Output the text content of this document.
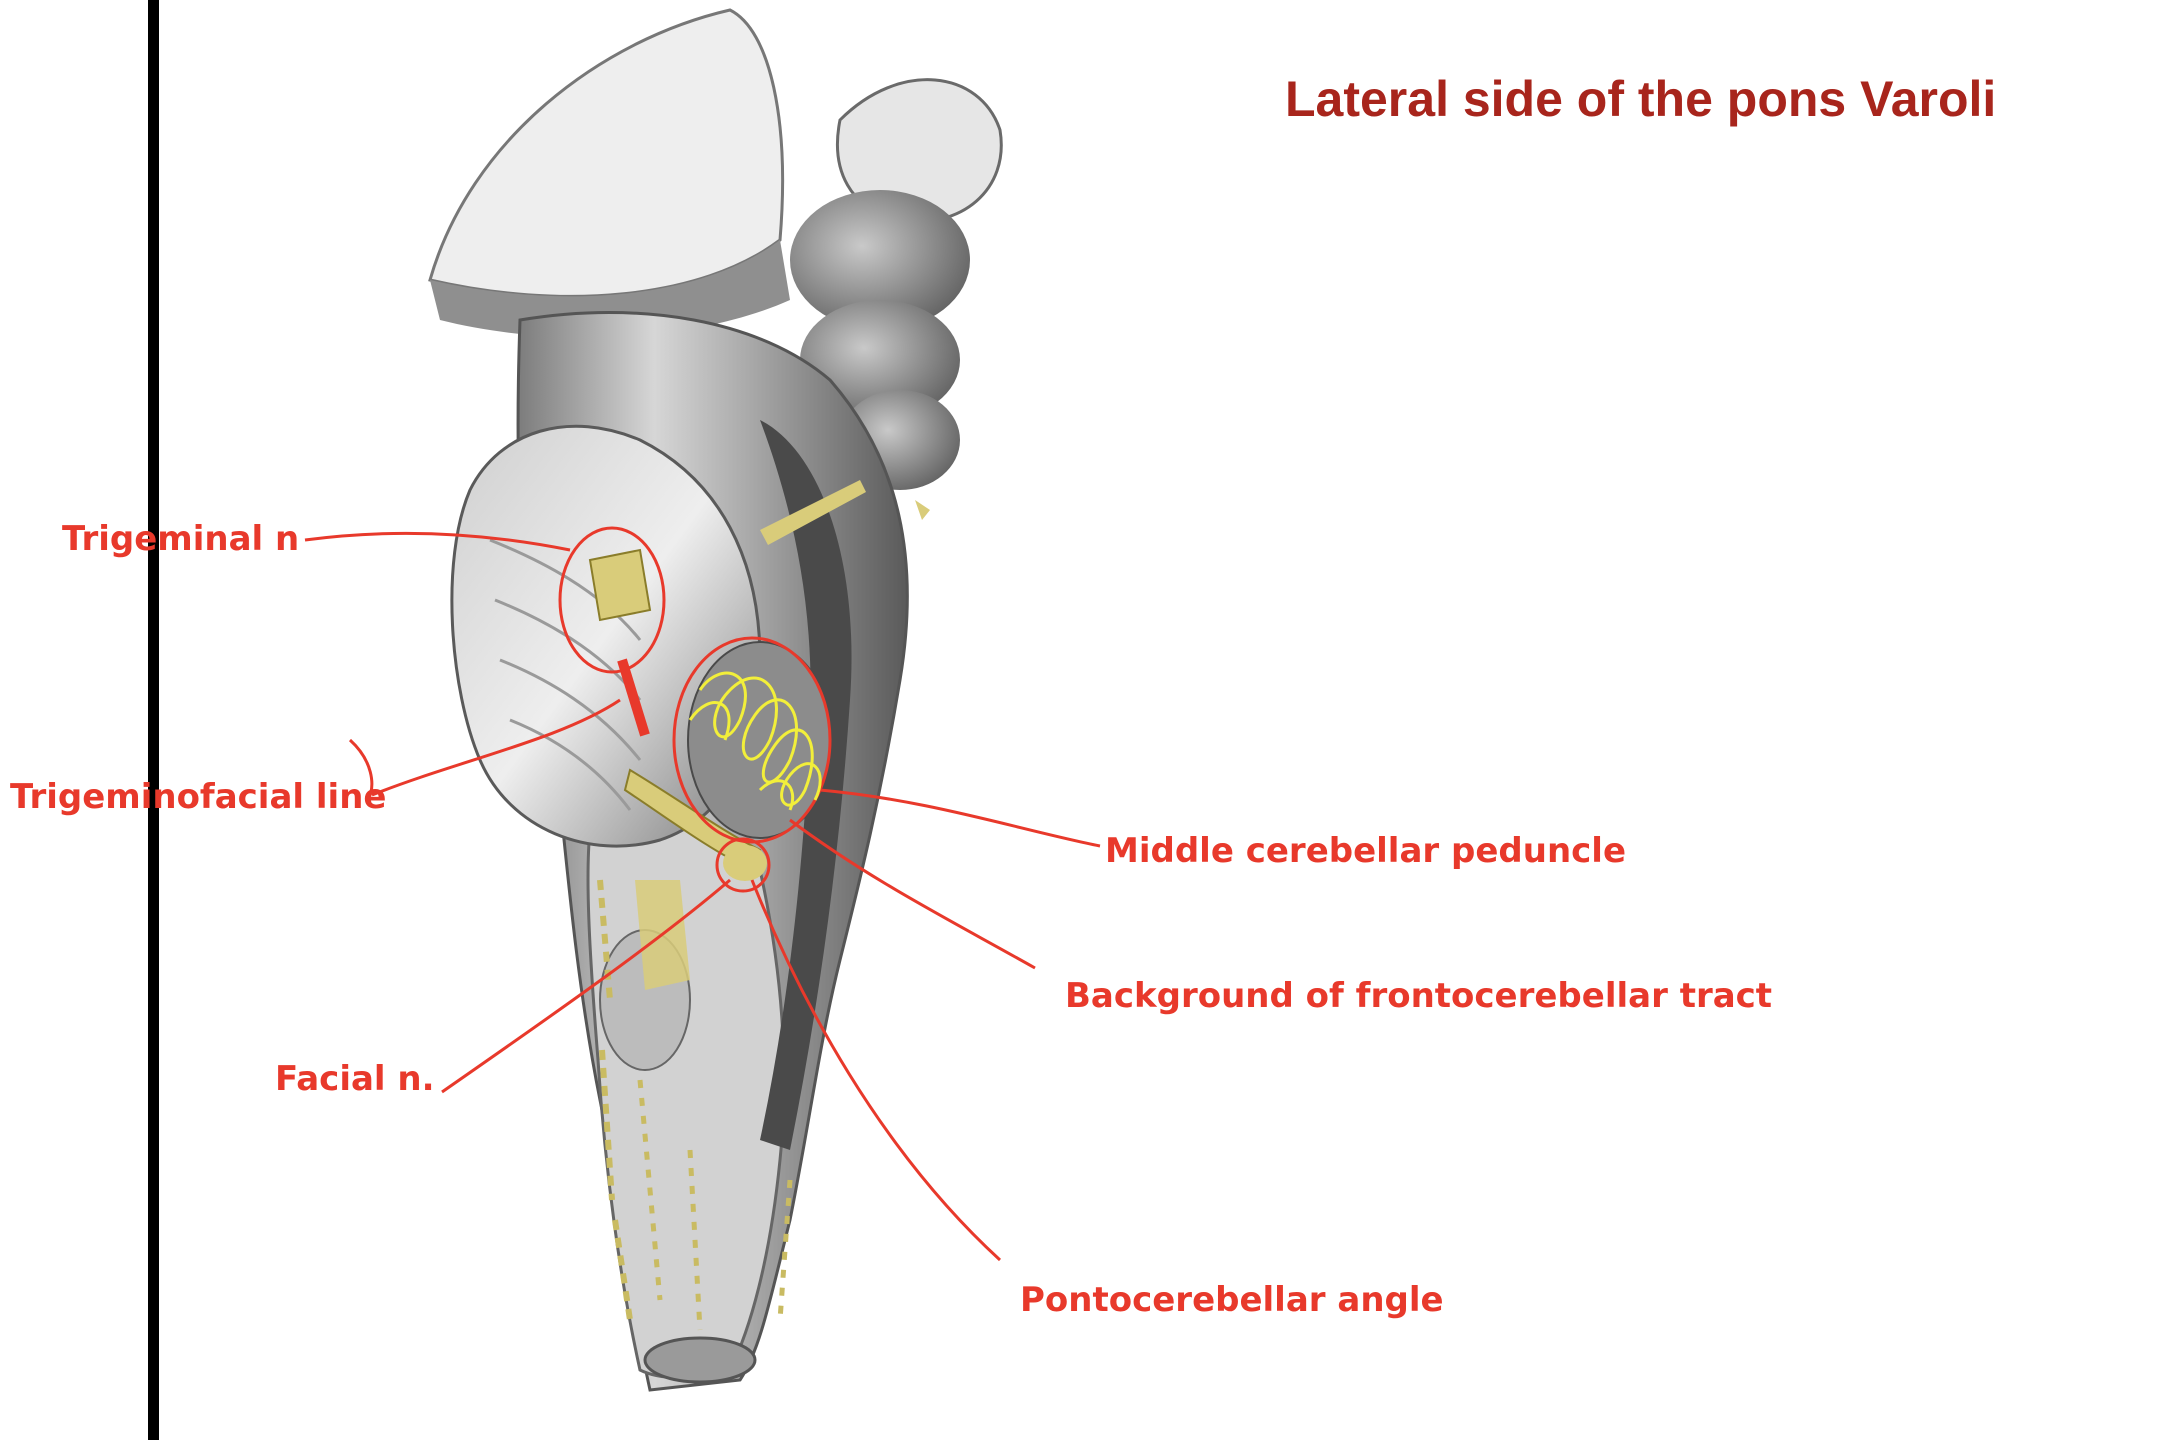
Lateral side of the pons Varoli
Trigeminal n
Trigeminofacial line
Facial n.
Middle cerebellar peduncle
Background of frontocerebellar tract
Pontocerebellar angle
